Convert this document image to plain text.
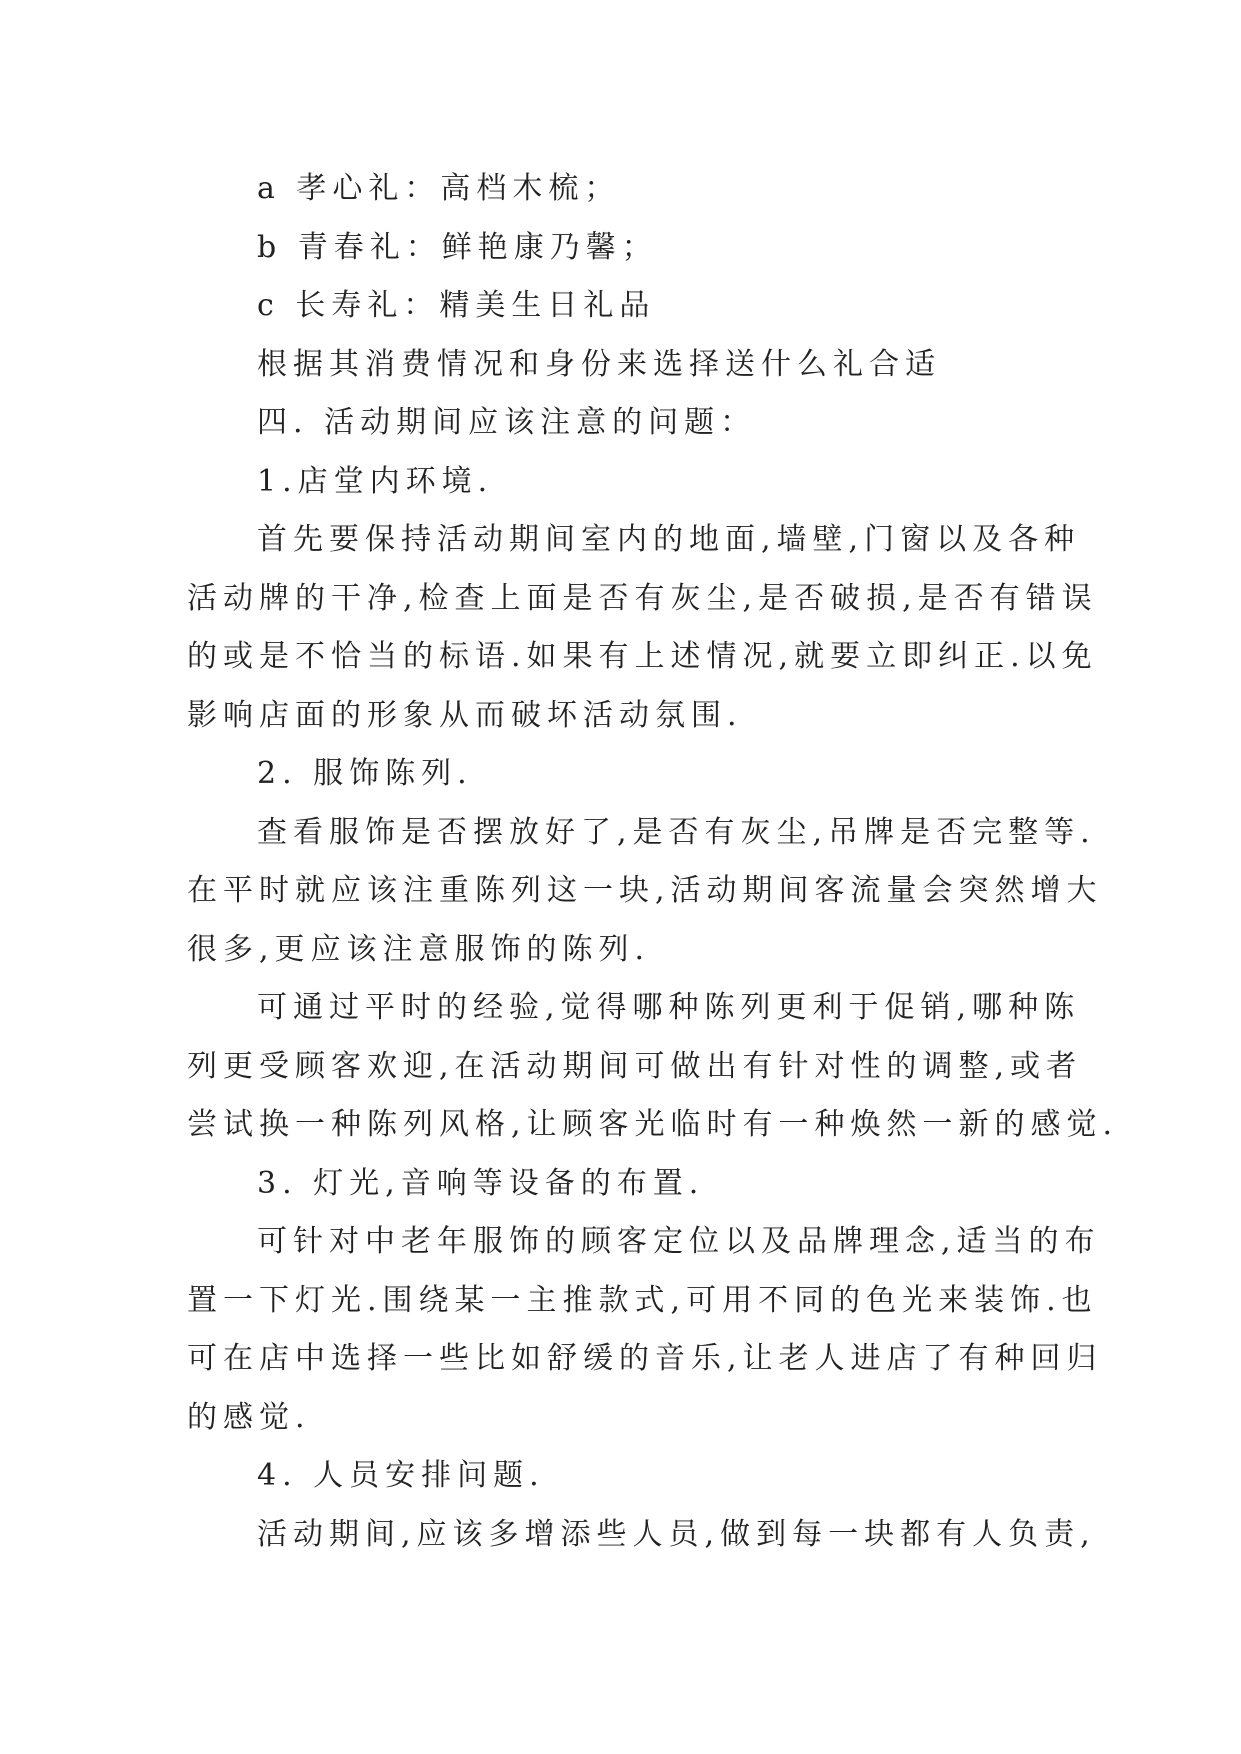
a 孝心礼：高档木梳；
b 青春礼：鲜艳康乃馨；
c 长寿礼：精美生日礼品
根据其消费情况和身份来选择送什么礼合适
四. 活动期间应该注意的问题：
1.店堂内环境.
首先要保持活动期间室内的地面,墙壁,门窗以及各种
活动牌的干净,检查上面是否有灰尘,是否破损,是否有错误
的或是不恰当的标语.如果有上述情况,就要立即纠正.以免
影响店面的形象从而破坏活动氛围.
2. 服饰陈列.
查看服饰是否摆放好了,是否有灰尘,吊牌是否完整等.
在平时就应该注重陈列这一块,活动期间客流量会突然增大
很多,更应该注意服饰的陈列.
可通过平时的经验,觉得哪种陈列更利于促销,哪种陈
列更受顾客欢迎,在活动期间可做出有针对性的调整,或者
尝试换一种陈列风格,让顾客光临时有一种焕然一新的感觉.
3. 灯光,音响等设备的布置.
可针对中老年服饰的顾客定位以及品牌理念,适当的布
置一下灯光.围绕某一主推款式,可用不同的色光来装饰.也
可在店中选择一些比如舒缓的音乐,让老人进店了有种回归
的感觉.
4. 人员安排问题.
活动期间,应该多增添些人员,做到每一块都有人负责,
